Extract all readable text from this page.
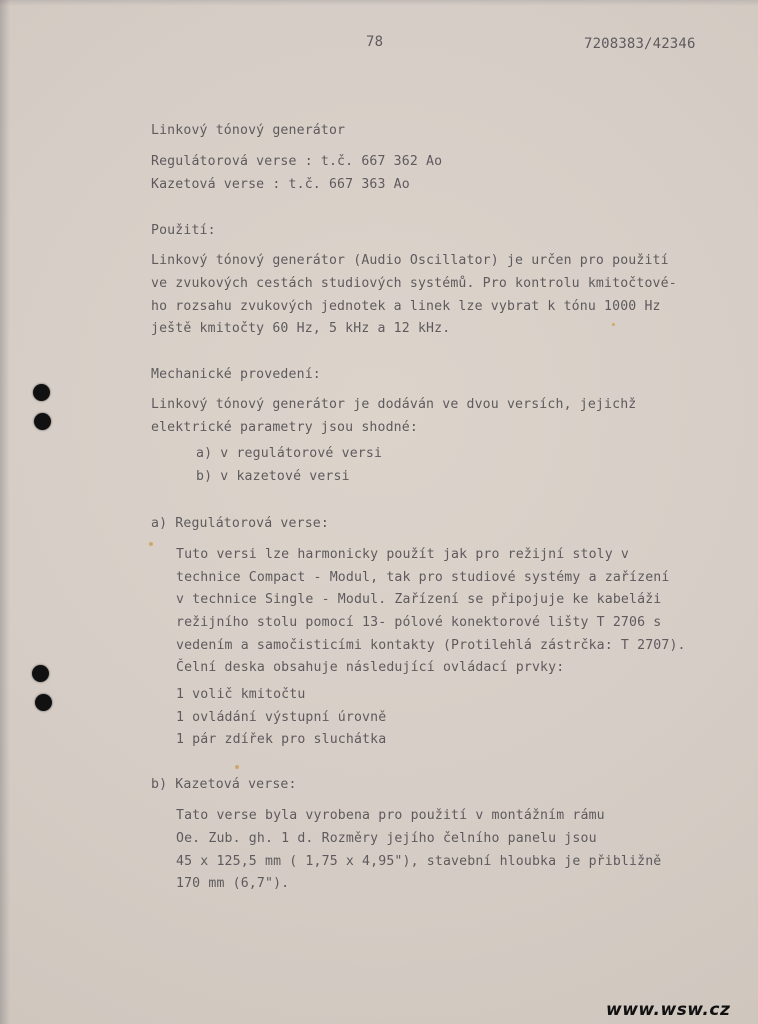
78	7208383/42346
Linkový tónový generátor
Regulátorová verse : t.č. 667 362 Ao
Kazetová verse : t.č. 667 363 Ao
Použití:
Linkový tónový generátor (Audio Oscillator) je určen pro použití
ve zvukových cestách studiových systémů. Pro kontrolu kmitočtové-
ho rozsahu zvukových jednotek a linek lze vybrat k tónu 1000 Hz
ještě kmitočty 60 Hz, 5 kHz a 12 kHz.
Mechanické provedení:
Linkový tónový generátor je dodáván ve dvou versích, jejichž
elektrické parametry jsou shodné:
a) v regulátorové versi
b) v kazetové versi
a) Regulátorová verse:
Tuto versi lze harmonicky použít jak pro režijní stoly v
technice Compact - Modul, tak pro studiové systémy a zařízení
v technice Single - Modul. Zařízení se připojuje ke kabeláži
režijního stolu pomocí 13- pólové konektorové lišty T 2706 s
vedením a samočisticími kontakty (Protilehlá zástrčka: T 2707).
Čelní deska obsahuje následující ovládací prvky:
1 volič kmitočtu
1 ovládání výstupní úrovně
1 pár zdířek pro sluchátka
b) Kazetová verse:
Tato verse byla vyrobena pro použití v montážním rámu
Oe. Zub. gh. 1 d. Rozměry jejího čelního panelu jsou
45 x 125,5 mm ( 1,75 x 4,95"), stavební hloubka je přibližně
170 mm (6,7").
www.wsw.cz
